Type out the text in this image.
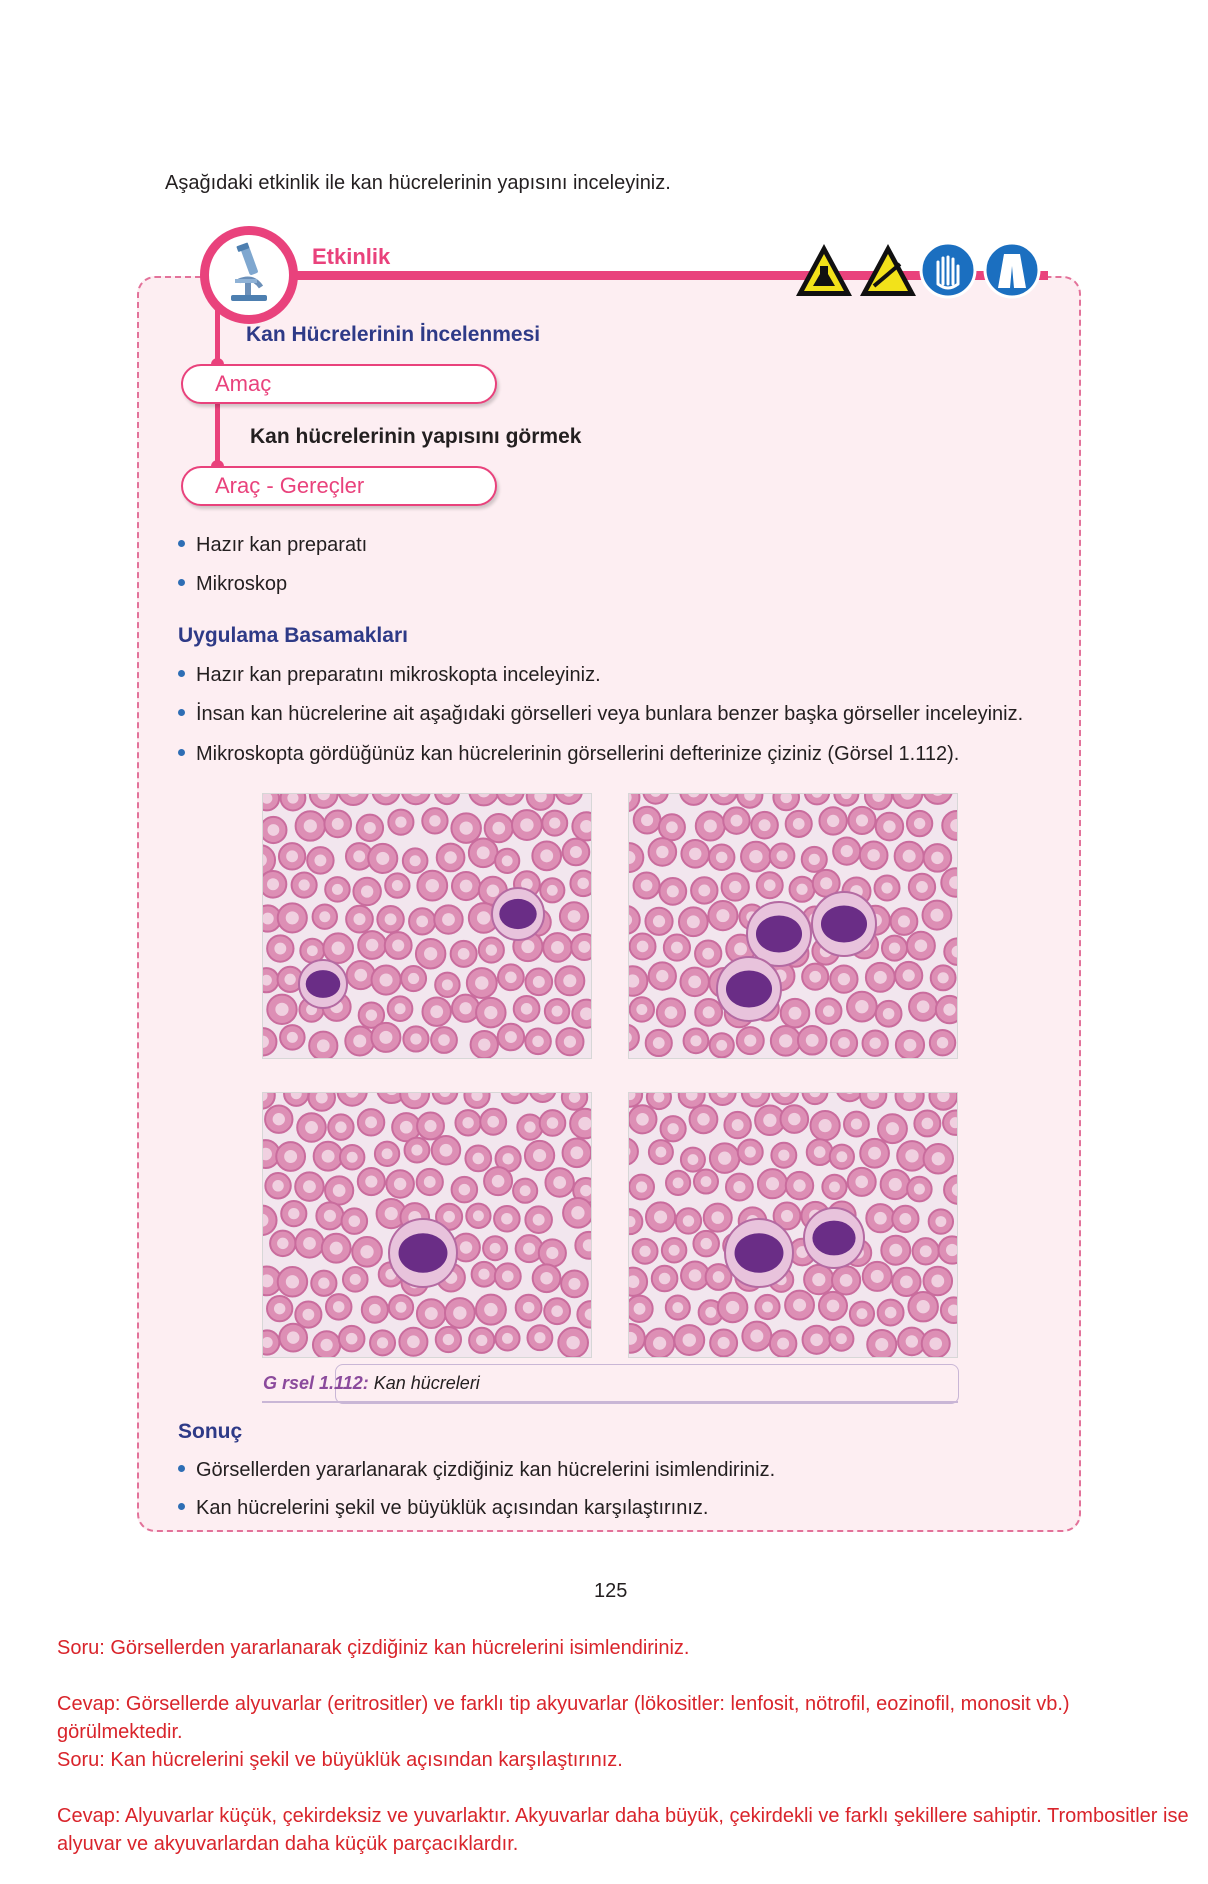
Aşağıdaki etkinlik ile kan hücrelerinin yapısını inceleyiniz.
Etkinlik
Kan Hücrelerinin İncelenmesi
Amaç
Kan hücrelerinin yapısını görmek
Araç - Gereçler
Hazır kan preparatı
Mikroskop
Uygulama Basamakları
Hazır kan preparatını mikroskopta inceleyiniz.
İnsan kan hücrelerine ait aşağıdaki görselleri veya bunlara benzer başka görseller inceleyiniz.
Mikroskopta gördüğünüz kan hücrelerinin görsellerini defterinize çiziniz (Görsel 1.112).
G rsel 1.112: Kan hücreleri
Sonuç
Görsellerden yararlanarak çizdiğiniz kan hücrelerini isimlendiriniz.
Kan hücrelerini şekil ve büyüklük açısından karşılaştırınız.
125
Soru: Görsellerden yararlanarak çizdiğiniz kan hücrelerini isimlendiriniz.
Cevap: Görsellerde alyuvarlar (eritrositler) ve farklı tip akyuvarlar (lökositler: lenfosit, nötrofil, eozinofil, monosit vb.) görülmektedir.
Soru: Kan hücrelerini şekil ve büyüklük açısından karşılaştırınız.
Cevap: Alyuvarlar küçük, çekirdeksiz ve yuvarlaktır. Akyuvarlar daha büyük, çekirdekli ve farklı şekillere sahiptir. Trombositler ise alyuvar ve akyuvarlardan daha küçük parçacıklardır.
